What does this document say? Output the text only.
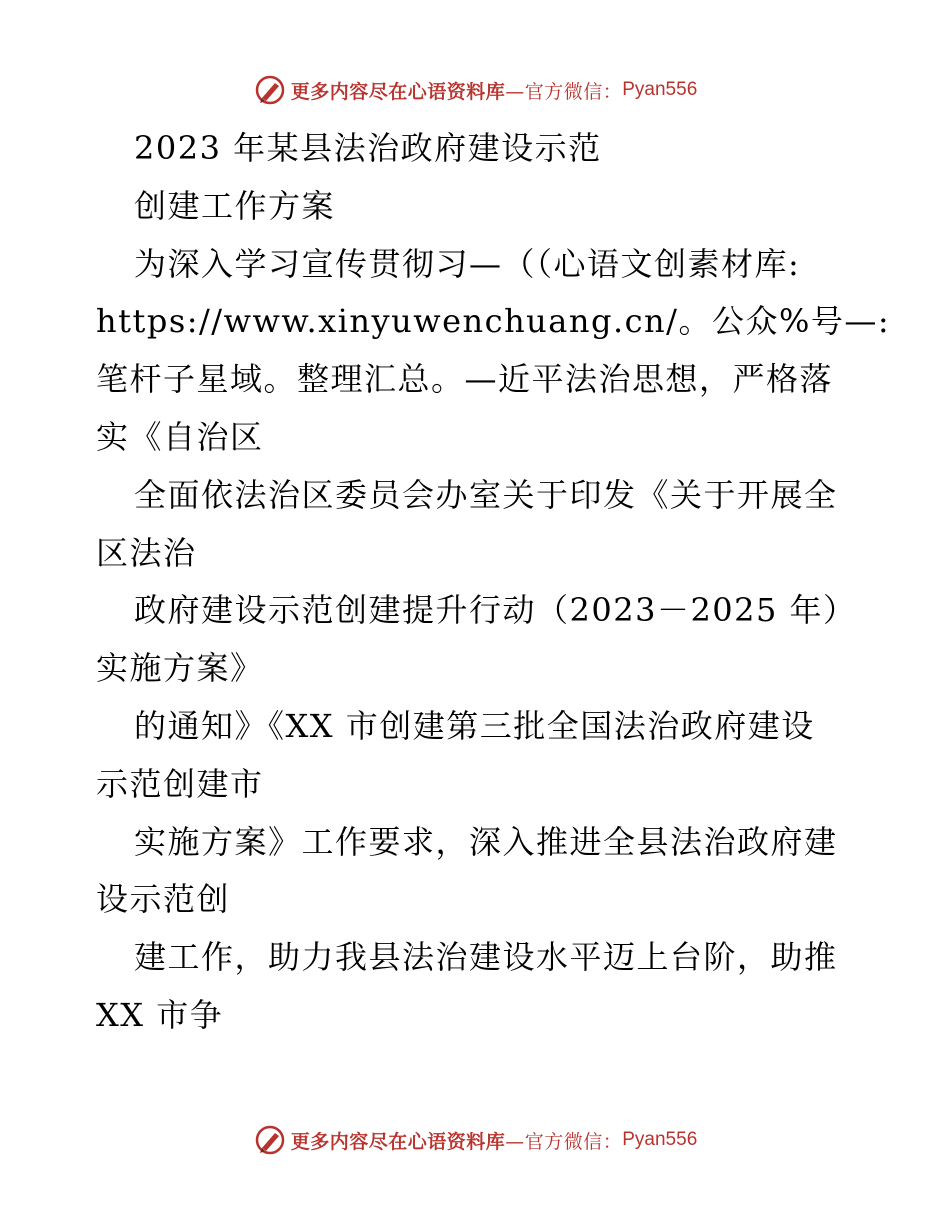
更多内容尽在心语资料库 —官方微信： Pyan556
2023 年某县法治政府建设示范
创建工作方案
为深入学习宣传贯彻习—（（心语文创素材库:
https://www.xinyuwenchuang.cn/。公众%号—:
笔杆子星域。整理汇总。—近平法治思想，严格落
实《自治区
全面依法治区委员会办室关于印发《关于开展全
区法治
政府建设示范创建提升行动（2023－2025 年）
实施方案》
的通知》《XX 市创建第三批全国法治政府建设
示范创建市
实施方案》工作要求，深入推进全县法治政府建
设示范创
建工作，助力我县法治建设水平迈上台阶，助推
XX 市争
更多内容尽在心语资料库 —官方微信： Pyan556
